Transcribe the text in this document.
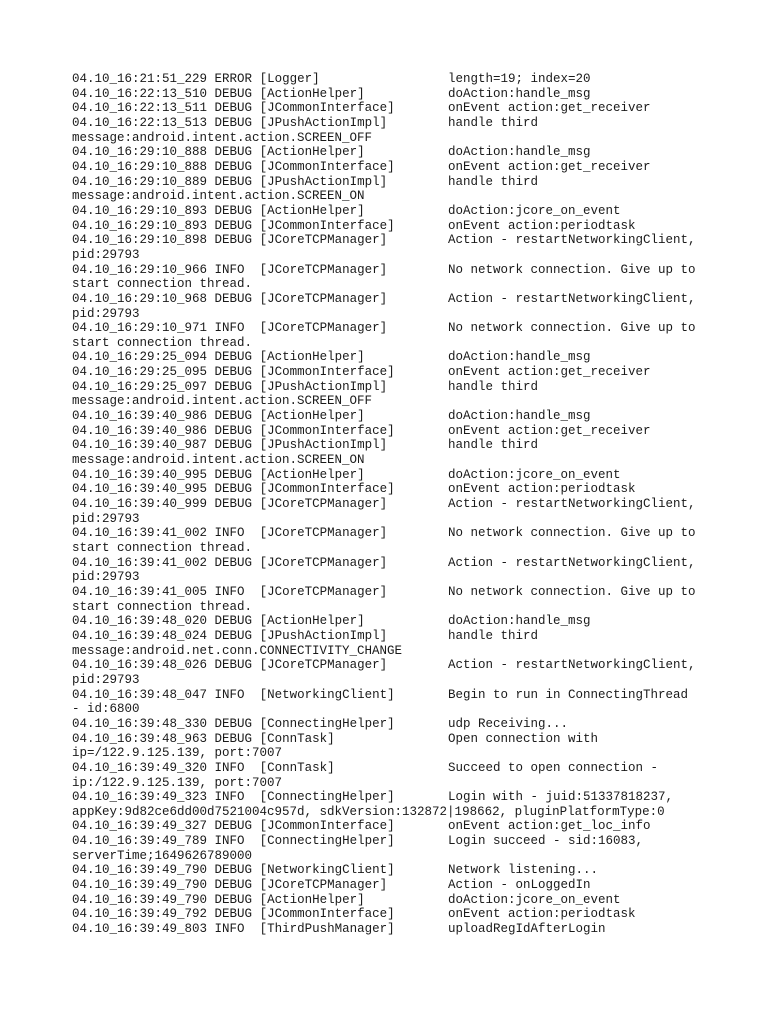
04.10_16:21:51_229 ERROR [Logger]	length=19; index=20
04.10_16:22:13_510 DEBUG [ActionHelper]	doAction:handle_msg
04.10_16:22:13_511 DEBUG [JCommonInterface]	onEvent action:get_receiver
04.10_16:22:13_513 DEBUG [JPushActionImpl]	handle third
message:android.intent.action.SCREEN_OFF
04.10_16:29:10_888 DEBUG [ActionHelper]	doAction:handle_msg
04.10_16:29:10_888 DEBUG [JCommonInterface]	onEvent action:get_receiver
04.10_16:29:10_889 DEBUG [JPushActionImpl]	handle third
message:android.intent.action.SCREEN_ON
04.10_16:29:10_893 DEBUG [ActionHelper]	doAction:jcore_on_event
04.10_16:29:10_893 DEBUG [JCommonInterface]	onEvent action:periodtask
04.10_16:29:10_898 DEBUG [JCoreTCPManager]	Action - restartNetworkingClient,
pid:29793
04.10_16:29:10_966 INFO  [JCoreTCPManager]	No network connection. Give up to
start connection thread.
04.10_16:29:10_968 DEBUG [JCoreTCPManager]	Action - restartNetworkingClient,
pid:29793
04.10_16:29:10_971 INFO  [JCoreTCPManager]	No network connection. Give up to
start connection thread.
04.10_16:29:25_094 DEBUG [ActionHelper]	doAction:handle_msg
04.10_16:29:25_095 DEBUG [JCommonInterface]	onEvent action:get_receiver
04.10_16:29:25_097 DEBUG [JPushActionImpl]	handle third
message:android.intent.action.SCREEN_OFF
04.10_16:39:40_986 DEBUG [ActionHelper]	doAction:handle_msg
04.10_16:39:40_986 DEBUG [JCommonInterface]	onEvent action:get_receiver
04.10_16:39:40_987 DEBUG [JPushActionImpl]	handle third
message:android.intent.action.SCREEN_ON
04.10_16:39:40_995 DEBUG [ActionHelper]	doAction:jcore_on_event
04.10_16:39:40_995 DEBUG [JCommonInterface]	onEvent action:periodtask
04.10_16:39:40_999 DEBUG [JCoreTCPManager]	Action - restartNetworkingClient,
pid:29793
04.10_16:39:41_002 INFO  [JCoreTCPManager]	No network connection. Give up to
start connection thread.
04.10_16:39:41_002 DEBUG [JCoreTCPManager]	Action - restartNetworkingClient,
pid:29793
04.10_16:39:41_005 INFO  [JCoreTCPManager]	No network connection. Give up to
start connection thread.
04.10_16:39:48_020 DEBUG [ActionHelper]	doAction:handle_msg
04.10_16:39:48_024 DEBUG [JPushActionImpl]	handle third
message:android.net.conn.CONNECTIVITY_CHANGE
04.10_16:39:48_026 DEBUG [JCoreTCPManager]	Action - restartNetworkingClient,
pid:29793
04.10_16:39:48_047 INFO  [NetworkingClient]	Begin to run in ConnectingThread
- id:6800
04.10_16:39:48_330 DEBUG [ConnectingHelper]	udp Receiving...
04.10_16:39:48_963 DEBUG [ConnTask]	Open connection with
ip=/122.9.125.139, port:7007
04.10_16:39:49_320 INFO  [ConnTask]	Succeed to open connection -
ip:/122.9.125.139, port:7007
04.10_16:39:49_323 INFO  [ConnectingHelper]	Login with - juid:51337818237,
appKey:9d82ce6dd00d7521004c957d, sdkVersion:132872|198662, pluginPlatformType:0
04.10_16:39:49_327 DEBUG [JCommonInterface]	onEvent action:get_loc_info
04.10_16:39:49_789 INFO  [ConnectingHelper]	Login succeed - sid:16083,
serverTime;1649626789000
04.10_16:39:49_790 DEBUG [NetworkingClient]	Network listening...
04.10_16:39:49_790 DEBUG [JCoreTCPManager]	Action - onLoggedIn
04.10_16:39:49_790 DEBUG [ActionHelper]	doAction:jcore_on_event
04.10_16:39:49_792 DEBUG [JCommonInterface]	onEvent action:periodtask
04.10_16:39:49_803 INFO  [ThirdPushManager]	uploadRegIdAfterLogin
